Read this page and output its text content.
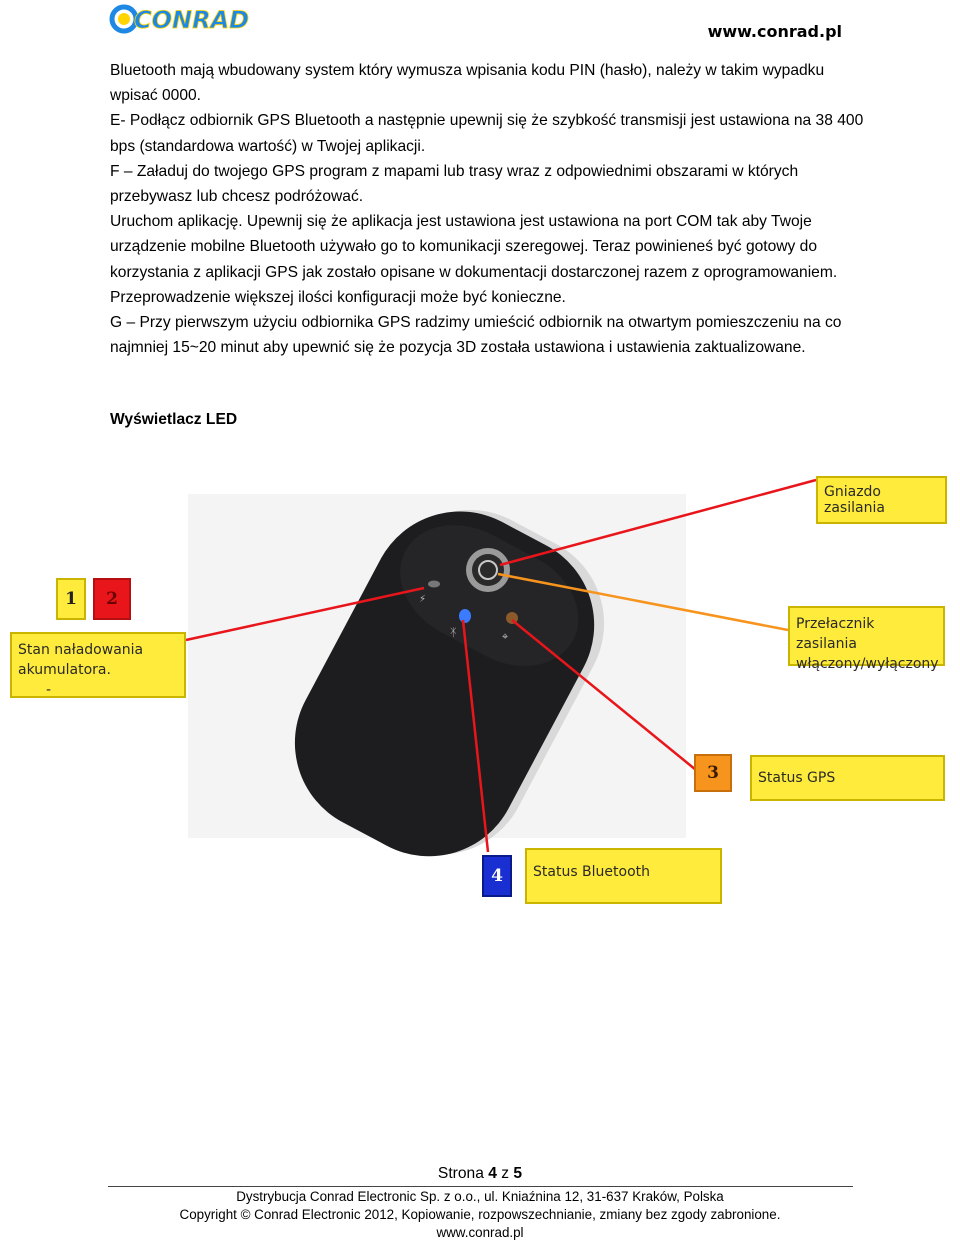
CONRAD	www.conrad.pl

Bluetooth mają wbudowany system który wymusza wpisania kodu PIN (hasło), należy w takim wypadku wpisać 0000.

E- Podłącz odbiornik GPS Bluetooth a następnie upewnij się że szybkość transmisji jest ustawiona na 38 400 bps (standardowa wartość) w Twojej aplikacji.

F – Załaduj do twojego GPS program z mapami lub trasy wraz z odpowiednimi obszarami w których przebywasz lub chcesz podróżować.

Uruchom aplikację. Upewnij się że aplikacja jest ustawiona jest ustawiona na port COM tak aby Twoje urządzenie mobilne Bluetooth używało go to komunikacji szeregowej. Teraz powinieneś być gotowy do korzystania z aplikacji GPS jak zostało opisane w dokumentacji dostarczonej razem z oprogramowaniem. Przeprowadzenie większej ilości konfiguracji może być konieczne.

G – Przy pierwszym użyciu odbiornika GPS radzimy umieścić odbiornik na otwartym pomieszczeniu na co najmniej 15~20 minut aby upewnić się że pozycja 3D została ustawiona i ustawienia zaktualizowane.

Wyświetlacz LED
⚡
ᛡ	⌖
Gniazdo zasilania
Przełacznik zasilania włączony/wyłączony
Stan naładowania akumulatora.
-
Status GPS
Status Bluetooth
1	2
3
4
Strona 4 z 5
Dystrybucja Conrad Electronic Sp. z o.o., ul. Kniaźnina 12, 31-637 Kraków, Polska
Copyright © Conrad Electronic 2012, Kopiowanie, rozpowszechnianie, zmiany bez zgody zabronione.
www.conrad.pl
